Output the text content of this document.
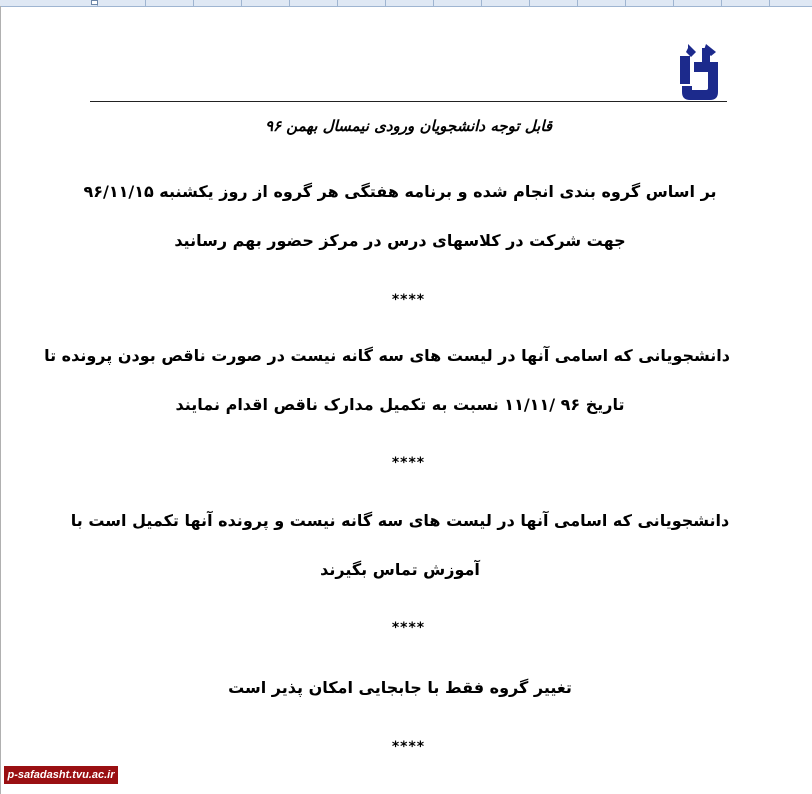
قابل توجه دانشجویان ورودی نیمسال بهمن ۹۶

بر اساس گروه بندی انجام شده و برنامه هفتگی هر گروه از روز یکشنبه ۹۶/۱۱/۱۵

جهت شرکت در کلاسهای درس در مرکز حضور بهم رسانید

****

دانشجویانی که اسامی آنها در لیست های سه گانه نیست در صورت ناقص بودن پرونده تا

تاریخ ۹۶ /۱۱/۱۱ نسبت به تکمیل مدارک ناقص اقدام نمایند

****

دانشجویانی که اسامی آنها در لیست های سه گانه نیست و پرونده آنها تکمیل است با

آموزش تماس بگیرند

****

تغییر گروه فقط با جابجایی امکان پذیر است

****
p-safadasht.tvu.ac.ir
